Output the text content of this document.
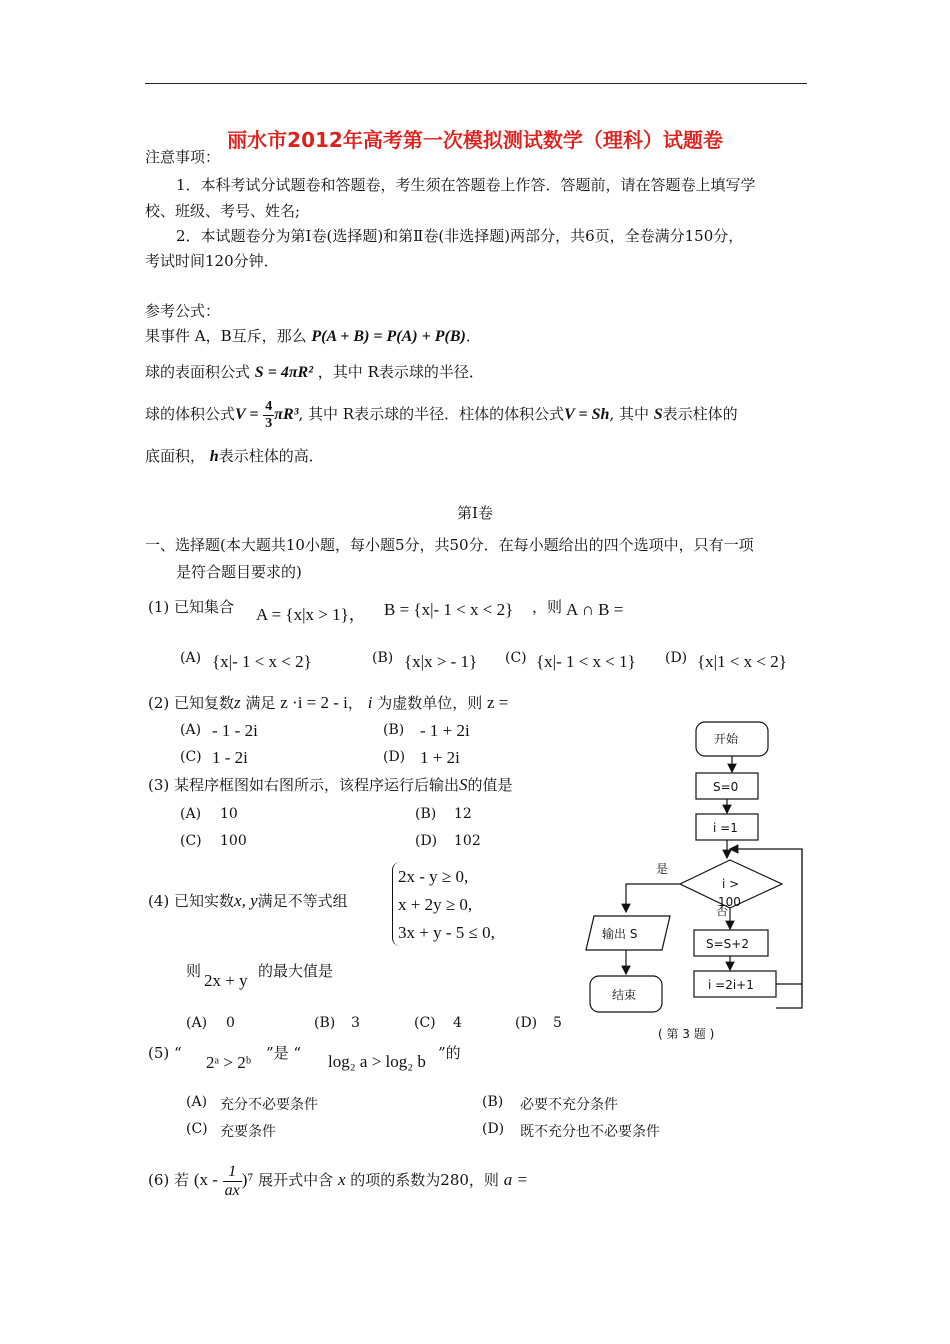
丽水市2012年高考第一次模拟测试数学（理科）试题卷
注意事项：
1．本科考试分试题卷和答题卷，考生须在答题卷上作答．答题前，请在答题卷上填写学
校、班级、考号、姓名;
2．本试题卷分为第Ⅰ卷(选择题)和第Ⅱ卷(非选择题)两部分，共6页，全卷满分150分，
考试时间120分钟．
参考公式：
果事件 A，B互斥，那么 P(A + B) = P(A) + P(B)．
球的表面积公式 S = 4πR² ，其中 R表示球的半径．
球的体积公式$V = \frac{4}{3} \pi R^3$, 其中 R表示球的半径．柱体的体积公式V = Sh, 其中 S表示柱体的
底面积， h表示柱体的高．
第Ⅰ卷
一、选择题(本大题共10小题，每小题5分，共50分．在每小题给出的四个选项中，只有一项
是符合题目要求的)
(1) 已知集合 A = {x|x > 1}， B = {x|- 1 < x < 2} ，则 A ∩ B =
(A) {x|- 1 < x < 2}	(B) {x|x > - 1} (C) {x|- 1 < x < 1} (D) {x|1 < x < 2}
(2) 已知复数z 满足 z ·i = 2 - i， i 为虚数单位，则 z =
(A) - 1 - 2i	(B) - 1 + 2i
(C) 1 - 2i	(D) 1 + 2i
(3) 某程序框图如右图所示，该程序运行后输出S的值是
(A) 10	(B) 12
(C) 100	(D) 102
(4) 已知实数x, y满足不等式组
2x - y ≥ 0,
x + 2y ≥ 0,
3x + y - 5 ≤ 0,
则 2x + y 的最大值是
(A) 0	(B) 3	(C) 4	(D) 5
(5) “ 2ᵃ > 2ᵇ ”是 “ log₂ a > log₂ b ”的
(A) 充分不必要条件	(B) 必要不充分条件
(C) 充要条件	(D) 既不充分也不必要条件
(6) 若 $(x - \frac{1}{ax} )^7$ 展开式中含 x 的项的系数为280，则 a =
开始
S=0
i =1
i >
100
是
否
输出 S
结束
S=S+2
i =2i+1
( 第 3 题 )
